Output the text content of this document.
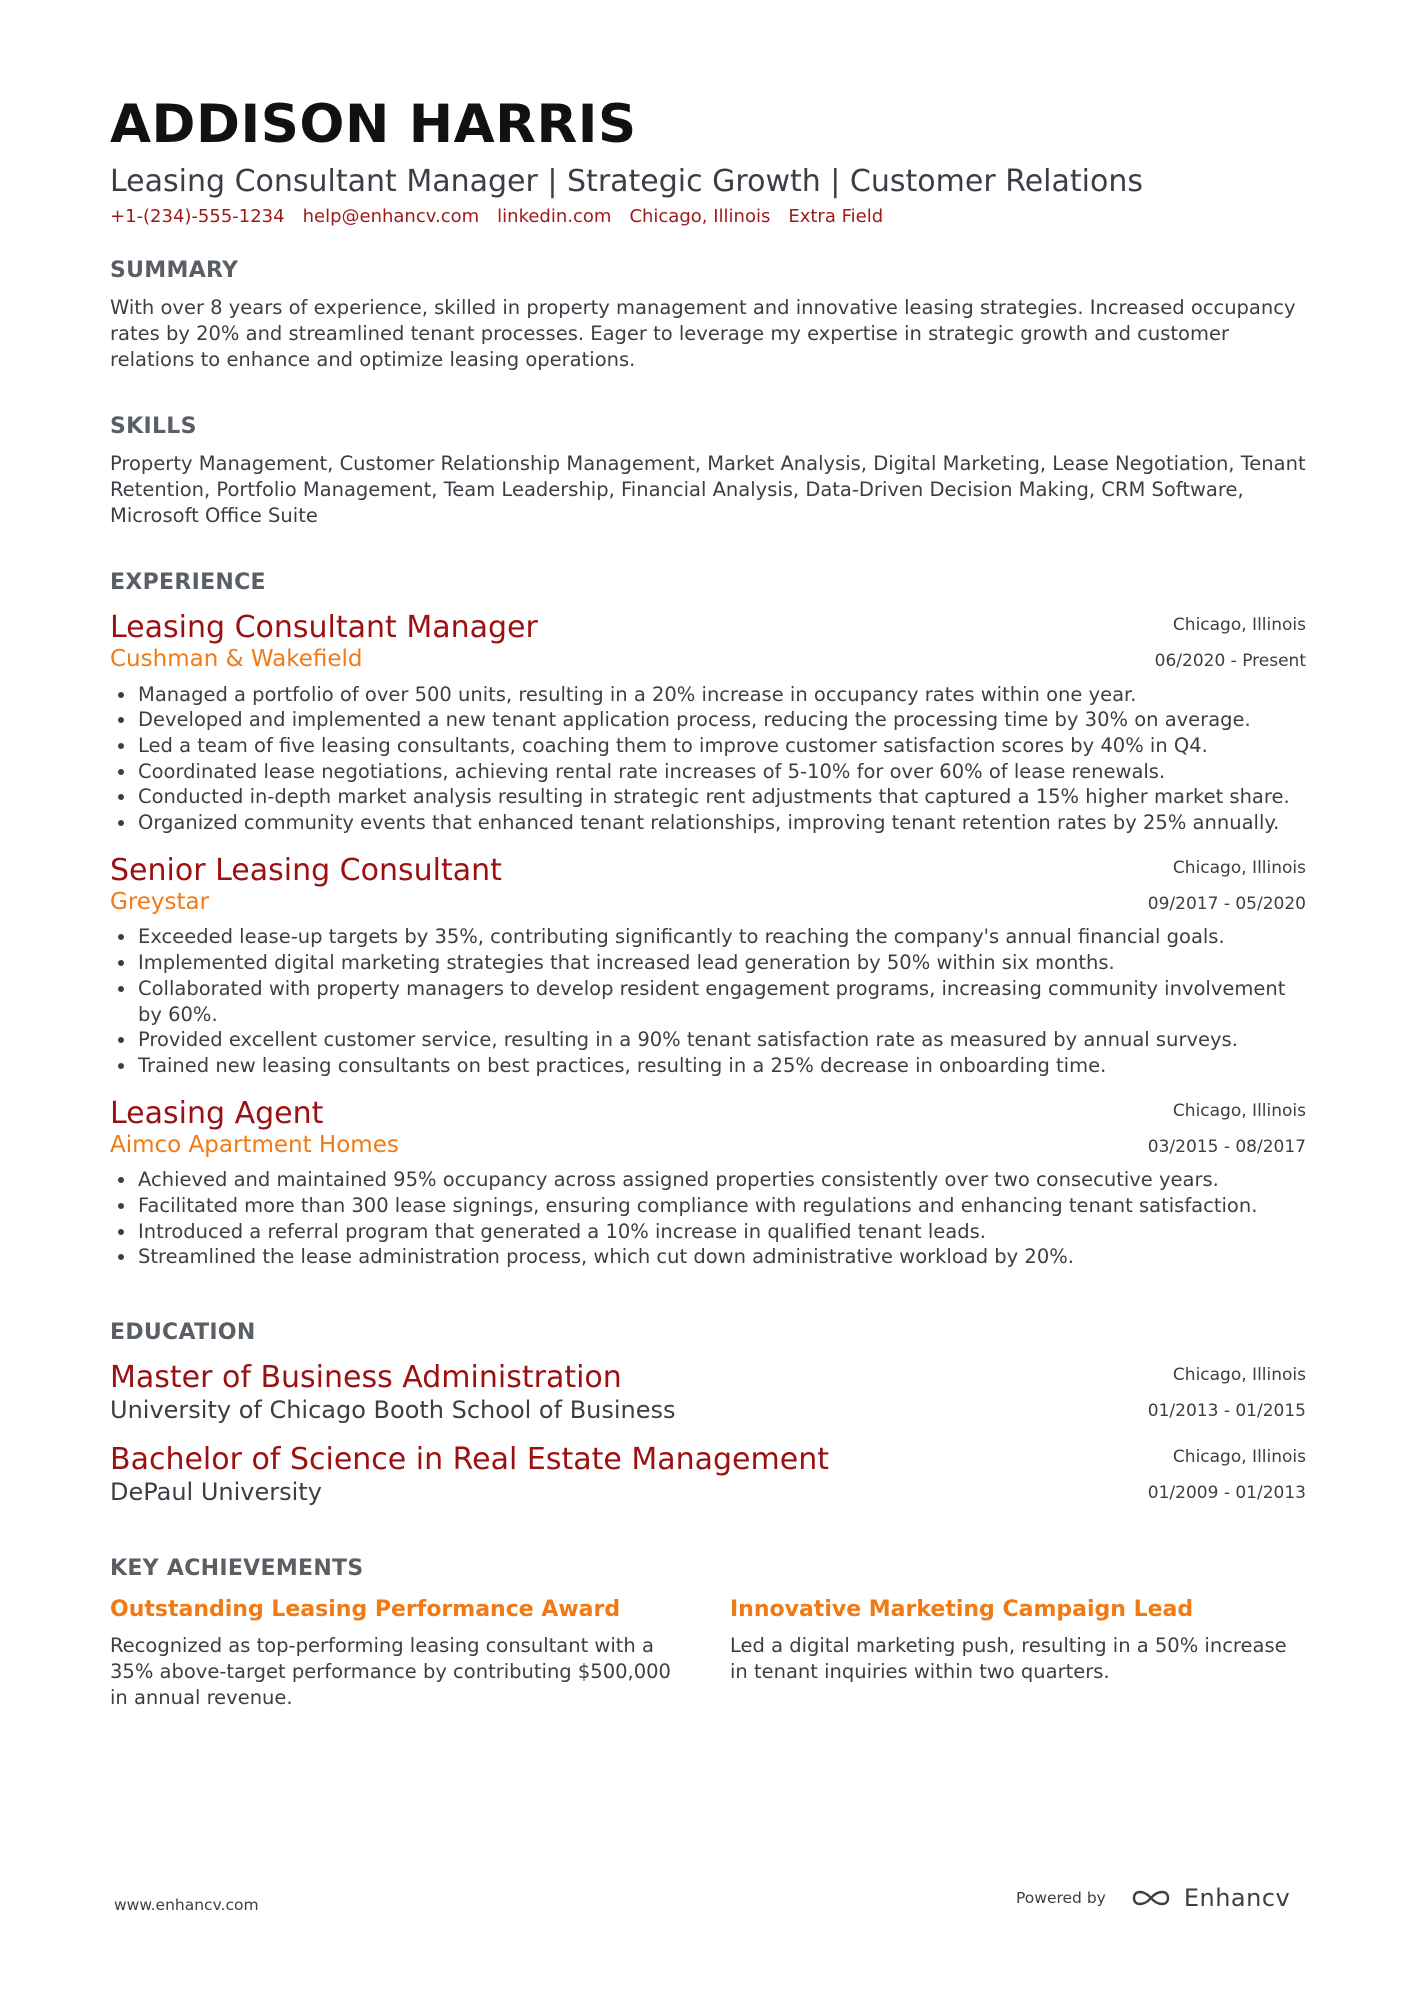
ADDISON HARRIS
Leasing Consultant Manager | Strategic Growth | Customer Relations
+1-(234)-555-1234 help@enhancv.com linkedin.com Chicago, Illinois Extra Field
SUMMARY
With over 8 years of experience, skilled in property management and innovative leasing strategies. Increased occupancy rates by 20% and streamlined tenant processes. Eager to leverage my expertise in strategic growth and customer relations to enhance and optimize leasing operations.
SKILLS
Property Management, Customer Relationship Management, Market Analysis, Digital Marketing, Lease Negotiation, Tenant Retention, Portfolio Management, Team Leadership, Financial Analysis, Data-Driven Decision Making, CRM Software, Microsoft Office Suite
EXPERIENCE
Chicago, Illinois
06/2020 - Present
Leasing Consultant Manager
Cushman & Wakefield
Managed a portfolio of over 500 units, resulting in a 20% increase in occupancy rates within one year.
Developed and implemented a new tenant application process, reducing the processing time by 30% on average.
Led a team of five leasing consultants, coaching them to improve customer satisfaction scores by 40% in Q4.
Coordinated lease negotiations, achieving rental rate increases of 5-10% for over 60% of lease renewals.
Conducted in-depth market analysis resulting in strategic rent adjustments that captured a 15% higher market share.
Organized community events that enhanced tenant relationships, improving tenant retention rates by 25% annually.
Chicago, Illinois
09/2017 - 05/2020
Senior Leasing Consultant
Greystar
Exceeded lease-up targets by 35%, contributing significantly to reaching the company's annual financial goals.
Implemented digital marketing strategies that increased lead generation by 50% within six months.
Collaborated with property managers to develop resident engagement programs, increasing community involvement by 60%.
Provided excellent customer service, resulting in a 90% tenant satisfaction rate as measured by annual surveys.
Trained new leasing consultants on best practices, resulting in a 25% decrease in onboarding time.
Chicago, Illinois
03/2015 - 08/2017
Leasing Agent
Aimco Apartment Homes
Achieved and maintained 95% occupancy across assigned properties consistently over two consecutive years.
Facilitated more than 300 lease signings, ensuring compliance with regulations and enhancing tenant satisfaction.
Introduced a referral program that generated a 10% increase in qualified tenant leads.
Streamlined the lease administration process, which cut down administrative workload by 20%.
EDUCATION
Chicago, Illinois
01/2013 - 01/2015
Master of Business Administration
University of Chicago Booth School of Business
Chicago, Illinois
01/2009 - 01/2013
Bachelor of Science in Real Estate Management
DePaul University
KEY ACHIEVEMENTS
Outstanding Leasing Performance Award
Recognized as top-performing leasing consultant with a 35% above-target performance by contributing $500,000 in annual revenue.
Innovative Marketing Campaign Lead
Led a digital marketing push, resulting in a 50% increase in tenant inquiries within two quarters.
www.enhancv.com	Powered by	Enhancv
